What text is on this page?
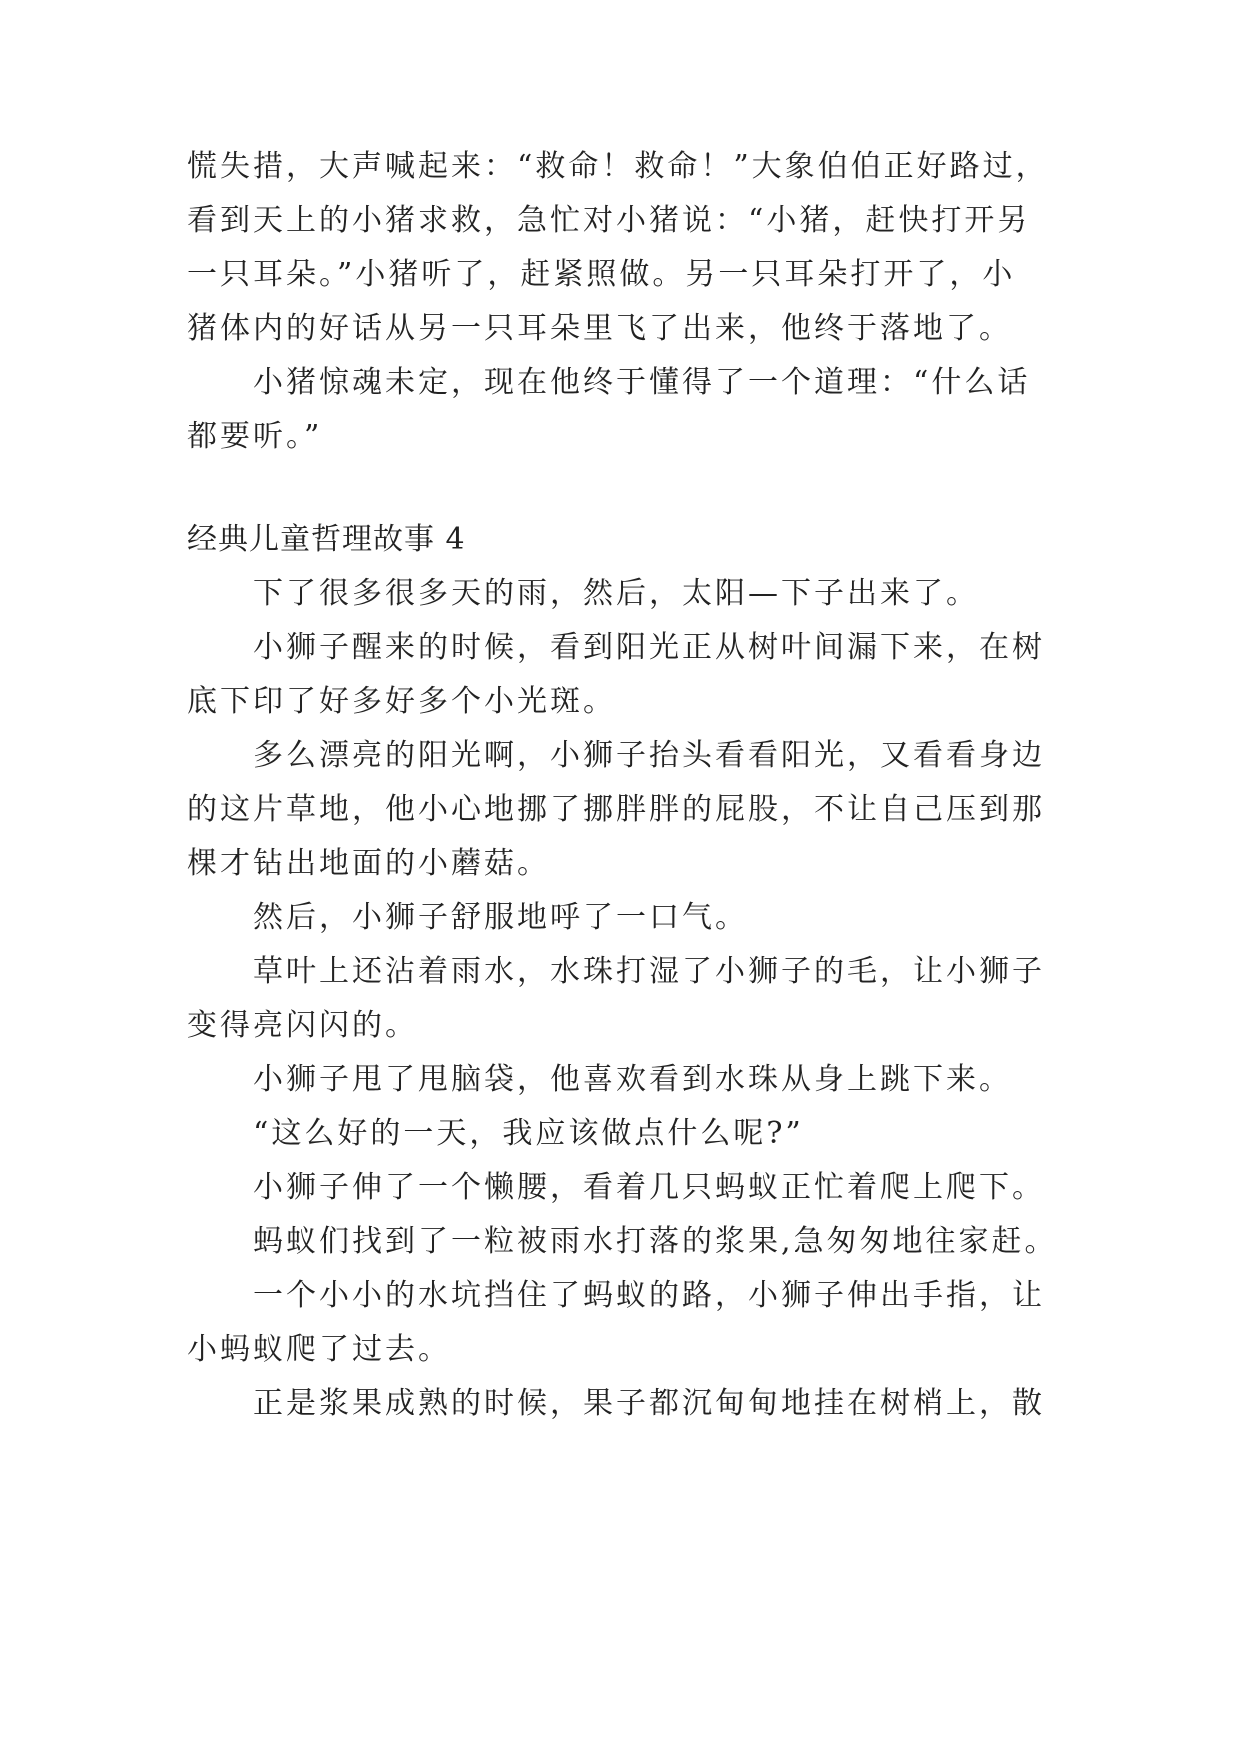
慌失措，大声喊起来：“救命！救命！”大象伯伯正好路过，
看到天上的小猪求救，急忙对小猪说：“小猪，赶快打开另
一只耳朵。”小猪听了，赶紧照做。另一只耳朵打开了，小
猪体内的好话从另一只耳朵里飞了出来，他终于落地了。
小猪惊魂未定，现在他终于懂得了一个道理：“什么话
都要听。”
经典儿童哲理故事 4
下了很多很多天的雨，然后，太阳—下子出来了。
小狮子醒来的时候，看到阳光正从树叶间漏下来，在树
底下印了好多好多个小光斑。
多么漂亮的阳光啊，小狮子抬头看看阳光，又看看身边
的这片草地，他小心地挪了挪胖胖的屁股，不让自己压到那
棵才钻出地面的小蘑菇。
然后，小狮子舒服地呼了一口气。
草叶上还沾着雨水，水珠打湿了小狮子的毛，让小狮子
变得亮闪闪的。
小狮子甩了甩脑袋，他喜欢看到水珠从身上跳下来。
“这么好的一天，我应该做点什么呢?”
小狮子伸了一个懒腰，看着几只蚂蚁正忙着爬上爬下。
蚂蚁们找到了一粒被雨水打落的浆果,急匆匆地往家赶。
一个小小的水坑挡住了蚂蚁的路，小狮子伸出手指，让
小蚂蚁爬了过去。
正是浆果成熟的时候，果子都沉甸甸地挂在树梢上，散
